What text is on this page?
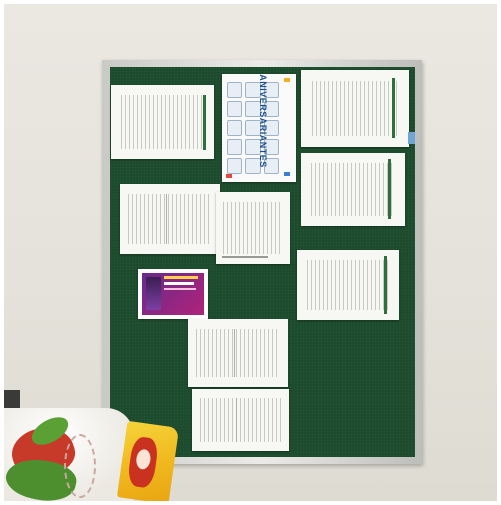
ANIVERSARIANTES
